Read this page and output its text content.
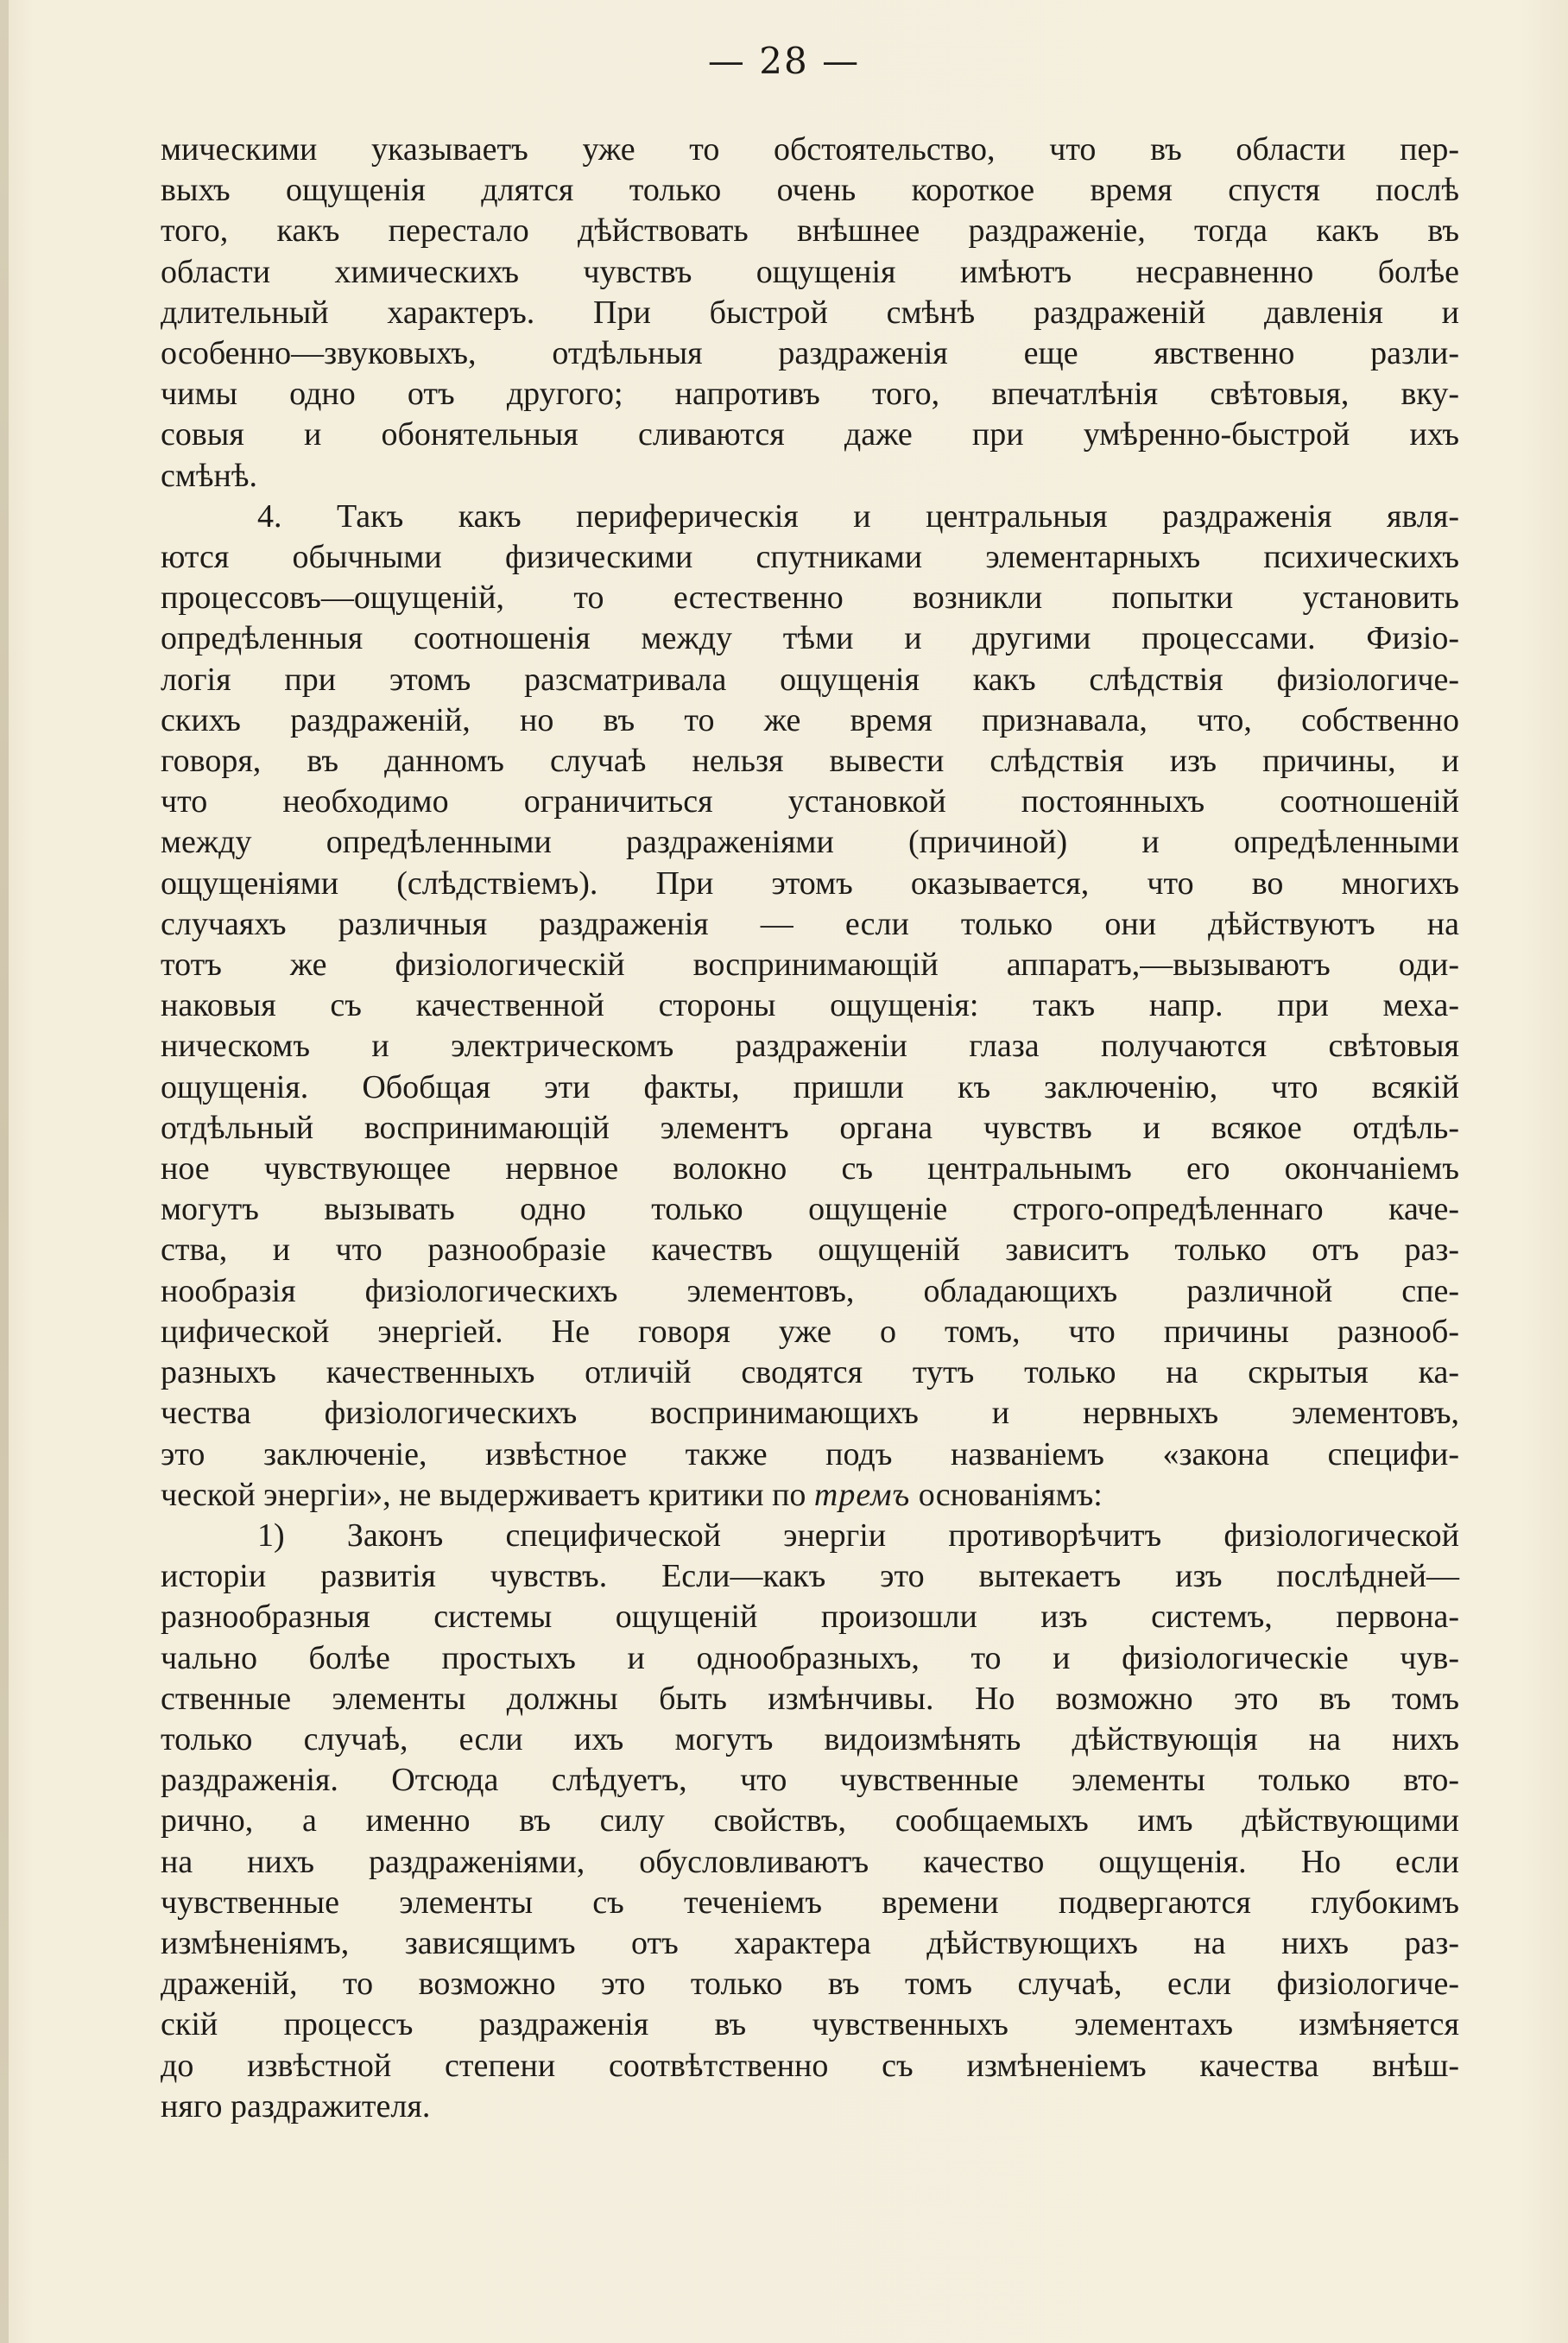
— 28 —
мическими указываетъ уже то обстоятельство, что въ области пер-
выхъ ощущенія длятся только очень короткое время спустя послѣ
того, какъ перестало дѣйствовать внѣшнее раздраженіе, тогда какъ въ
области химическихъ чувствъ ощущенія имѣютъ несравненно болѣе
длительный характеръ. При быстрой смѣнѣ раздраженій давленія и
особенно—звуковыхъ, отдѣльныя раздраженія еще явственно разли-
чимы одно отъ другого; напротивъ того, впечатлѣнія свѣтовыя, вку-
совыя и обонятельныя сливаются даже при умѣренно-быстрой ихъ
смѣнѣ.
4. Такъ какъ периферическія и центральныя раздраженія явля-
ются обычными физическими спутниками элементарныхъ психическихъ
процессовъ—ощущеній, то естественно возникли попытки установить
опредѣленныя соотношенія между тѣми и другими процессами. Физіо-
логія при этомъ разсматривала ощущенія какъ слѣдствія физіологиче-
скихъ раздраженій, но въ то же время признавала, что, собственно
говоря, въ данномъ случаѣ нельзя вывести слѣдствія изъ причины, и
что необходимо ограничиться установкой постоянныхъ соотношеній
между опредѣленными раздраженіями (причиной) и опредѣленными
ощущеніями (слѣдствіемъ). При этомъ оказывается, что во многихъ
случаяхъ различныя раздраженія — если только они дѣйствуютъ на
тотъ же физіологическій воспринимающій аппаратъ,—вызываютъ оди-
наковыя съ качественной стороны ощущенія: такъ напр. при меха-
ническомъ и электрическомъ раздраженіи глаза получаются свѣтовыя
ощущенія. Обобщая эти факты, пришли къ заключенію, что всякій
отдѣльный воспринимающій элементъ органа чувствъ и всякое отдѣль-
ное чувствующее нервное волокно съ центральнымъ его окончаніемъ
могутъ вызывать одно только ощущеніе строго-опредѣленнаго каче-
ства, и что разнообразіе качествъ ощущеній зависитъ только отъ раз-
нообразія физіологическихъ элементовъ, обладающихъ различной спе-
цифической энергіей. Не говоря уже о томъ, что причины разнооб-
разныхъ качественныхъ отличій сводятся тутъ только на скрытыя ка-
чества физіологическихъ воспринимающихъ и нервныхъ элементовъ,
это заключеніе, извѣстное также подъ названіемъ «закона специфи-
ческой энергіи», не выдерживаетъ критики по тремъ основаніямъ:
1) Законъ специфической энергіи противорѣчитъ физіологической
исторіи развитія чувствъ. Если—какъ это вытекаетъ изъ послѣдней—
разнообразныя системы ощущеній произошли изъ системъ, первона-
чально болѣе простыхъ и однообразныхъ, то и физіологическіе чув-
ственные элементы должны быть измѣнчивы. Но возможно это въ томъ
только случаѣ, если ихъ могутъ видоизмѣнять дѣйствующія на нихъ
раздраженія. Отсюда слѣдуетъ, что чувственные элементы только вто-
рично, а именно въ силу свойствъ, сообщаемыхъ имъ дѣйствующими
на нихъ раздраженіями, обусловливаютъ качество ощущенія. Но если
чувственные элементы съ теченіемъ времени подвергаются глубокимъ
измѣненіямъ, зависящимъ отъ характера дѣйствующихъ на нихъ раз-
драженій, то возможно это только въ томъ случаѣ, если физіологиче-
скій процессъ раздраженія въ чувственныхъ элементахъ измѣняется
до извѣстной степени соотвѣтственно съ измѣненіемъ качества внѣш-
няго раздражителя.
